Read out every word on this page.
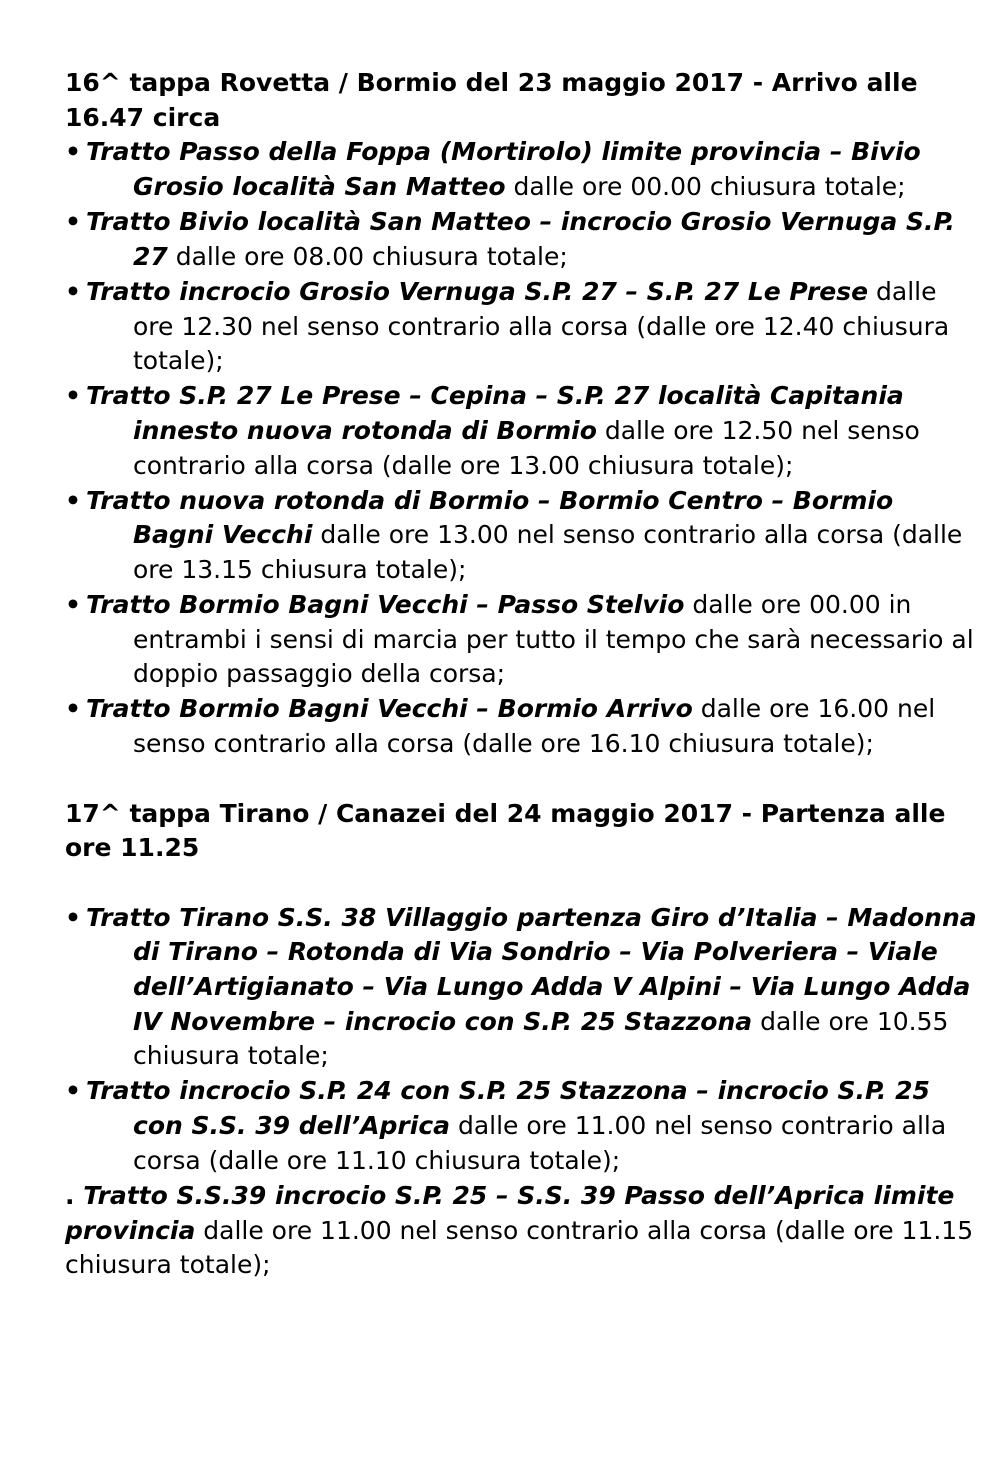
16^ tappa Rovetta / Bormio del 23 maggio 2017 - Arrivo alle 16.47 circa

• Tratto Passo della Foppa (Mortirolo) limite provincia – Bivio Grosio località San Matteo dalle ore 00.00 chiusura totale;
• Tratto Bivio località San Matteo – incrocio Grosio Vernuga S.P. 27 dalle ore 08.00 chiusura totale;
• Tratto incrocio Grosio Vernuga S.P. 27 – S.P. 27 Le Prese dalle ore 12.30 nel senso contrario alla corsa (dalle ore 12.40 chiusura totale);
• Tratto S.P. 27 Le Prese – Cepina – S.P. 27 località Capitania innesto nuova rotonda di Bormio dalle ore 12.50 nel senso contrario alla corsa (dalle ore 13.00 chiusura totale);
• Tratto nuova rotonda di Bormio – Bormio Centro – Bormio Bagni Vecchi dalle ore 13.00 nel senso contrario alla corsa (dalle ore 13.15 chiusura totale);
• Tratto Bormio Bagni Vecchi – Passo Stelvio dalle ore 00.00 in entrambi i sensi di marcia per tutto il tempo che sarà necessario al doppio passaggio della corsa;
• Tratto Bormio Bagni Vecchi – Bormio Arrivo dalle ore 16.00 nel senso contrario alla corsa (dalle ore 16.10 chiusura totale);

17^ tappa Tirano / Canazei del 24 maggio 2017 - Partenza alle ore 11.25

• Tratto Tirano S.S. 38 Villaggio partenza Giro d’Italia – Madonna di Tirano – Rotonda di Via Sondrio – Via Polveriera – Viale dell’Artigianato – Via Lungo Adda V Alpini – Via Lungo Adda IV Novembre – incrocio con S.P. 25 Stazzona dalle ore 10.55 chiusura totale;
• Tratto incrocio S.P. 24 con S.P. 25 Stazzona – incrocio S.P. 25 con S.S. 39 dell’Aprica dalle ore 11.00 nel senso contrario alla corsa (dalle ore 11.10 chiusura totale);

. Tratto S.S.39 incrocio S.P. 25 – S.S. 39 Passo dell’Aprica limite provincia dalle ore 11.00 nel senso contrario alla corsa (dalle ore 11.15 chiusura totale);
